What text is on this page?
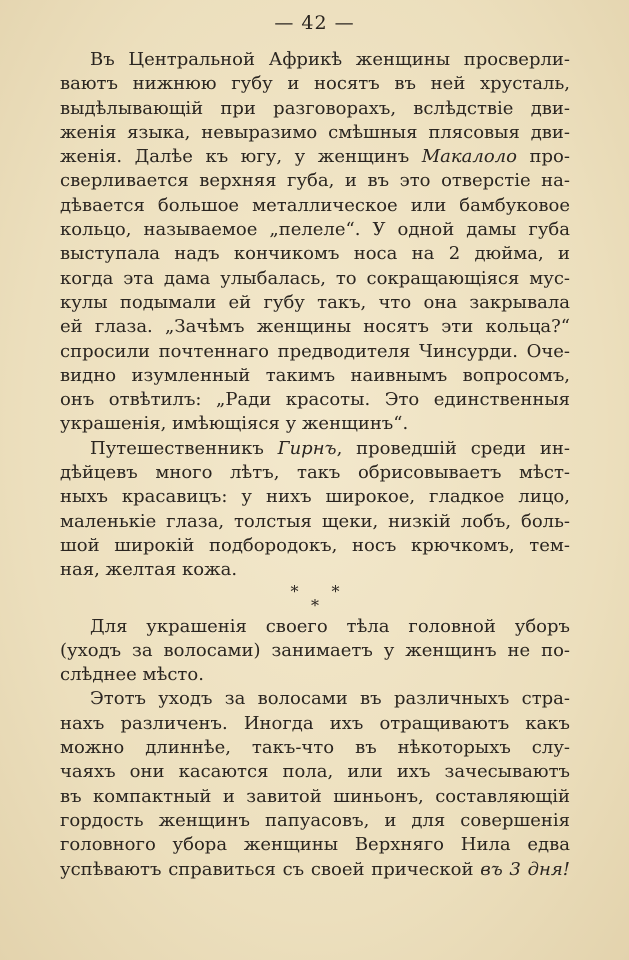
— 42 —
Въ Центральной Африкѣ женщины просверли-
ваютъ нижнюю губу и носятъ въ ней хрусталь,
выдѣлывающій при разговорахъ, вслѣдствіе дви-
женія языка, невыразимо смѣшныя плясовыя дви-
женія. Далѣе къ югу, у женщинъ Макалоло про-
сверливается верхняя губа, и въ это отверстіе на-
дѣвается большое металлическое или бамбуковое
кольцо, называемое „пелеле“. У одной дамы губа
выступала надъ кончикомъ носа на 2 дюйма, и
когда эта дама улыбалась, то сокращающіяся мус-
кулы подымали ей губу такъ, что она закрывала
ей глаза. „Зачѣмъ женщины носятъ эти кольца?“
спросили почтеннаго предводителя Чинсурди. Оче-
видно изумленный такимъ наивнымъ вопросомъ,
онъ отвѣтилъ: „Ради красоты. Это единственныя
украшенія, имѣющіяся у женщинъ“.
Путешественникъ Гирнъ, проведшій среди ин-
дѣйцевъ много лѣтъ, такъ обрисовываетъ мѣст-
ныхъ красавицъ: у нихъ широкое, гладкое лицо,
маленькіе глаза, толстыя щеки, низкій лобъ, боль-
шой широкій подбородокъ, носъ крючкомъ, тем-
ная, желтая кожа.
* *
*
Для украшенія своего тѣла головной уборъ
(уходъ за волосами) занимаетъ у женщинъ не по-
слѣднее мѣсто.
Этотъ уходъ за волосами въ различныхъ стра-
нахъ различенъ. Иногда ихъ отращиваютъ какъ
можно длиннѣе, такъ-что въ нѣкоторыхъ слу-
чаяхъ они касаются пола, или ихъ зачесываютъ
въ компактный и завитой шиньонъ, составляющій
гордость женщинъ папуасовъ, и для совершенія
головного убора женщины Верхняго Нила едва
успѣваютъ справиться съ своей прической въ 3 дня!
